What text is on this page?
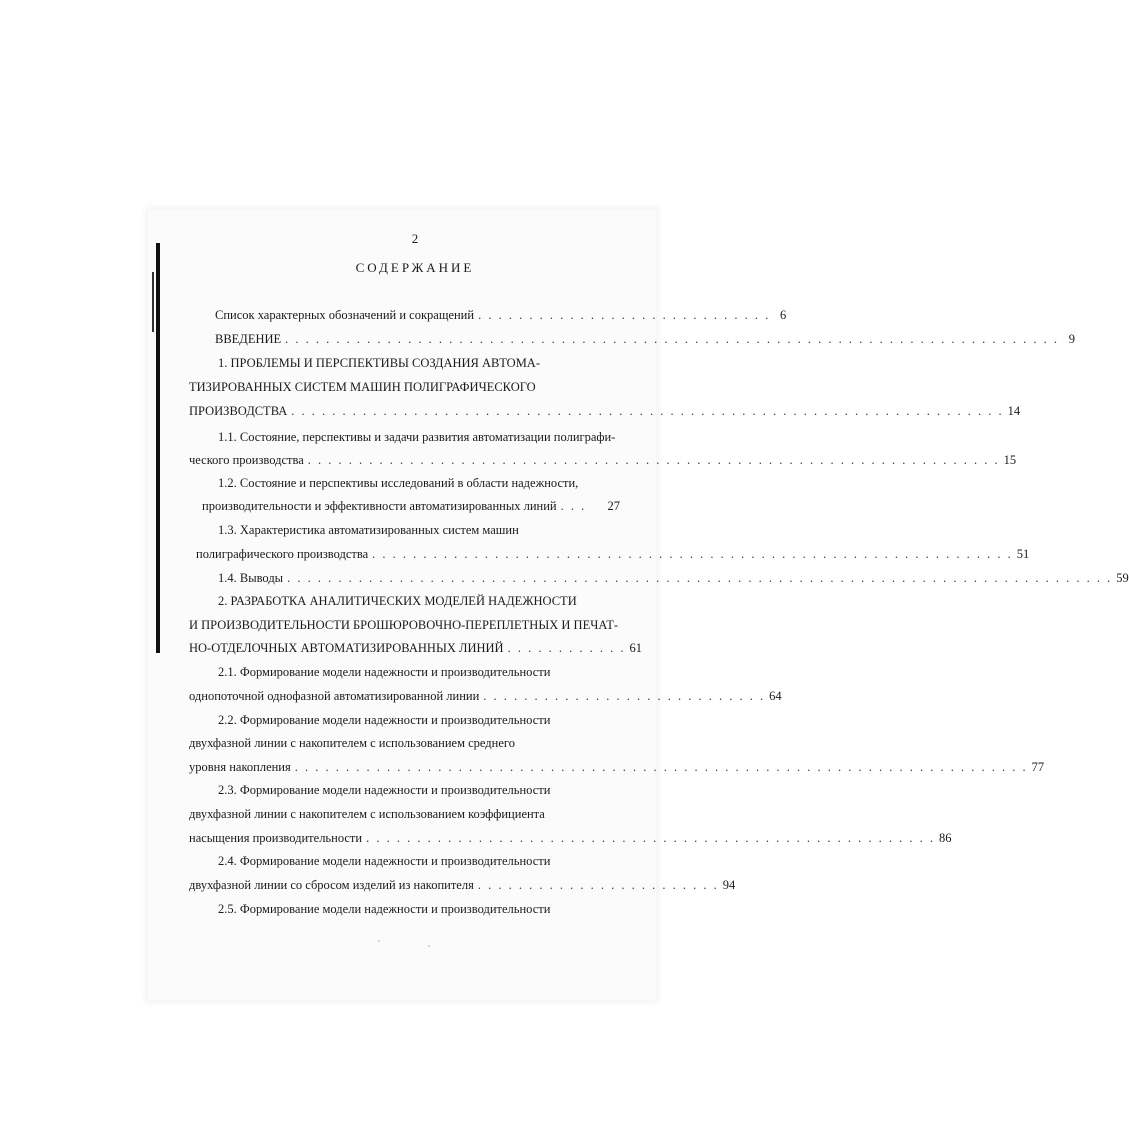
2
СОДЕРЖАНИЕ
Список характерных обозначений и сокращений . . . . . . . . . . . . . . . . . . . . . . . . . . . . . 6
ВВЕДЕНИЕ . . . . . . . . . . . . . . . . . . . . . . . . . . . . . . . . . . . . . . . . . . . . . . . . . . . . . . . . . . . . . . . . . . . . . . . . . . . . 9
1. ПРОБЛЕМЫ И ПЕРСПЕКТИВЫ СОЗДАНИЯ АВТОМА-
ТИЗИРОВАННЫХ СИСТЕМ МАШИН ПОЛИГРАФИЧЕСКОГО
ПРОИЗВОДСТВА . . . . . . . . . . . . . . . . . . . . . . . . . . . . . . . . . . . . . . . . . . . . . . . . . . . . . . . . . . . . . . . . . . . . . . 14
1.1. Состояние, перспективы и задачи развития автоматизации полиграфи-
ческого производства . . . . . . . . . . . . . . . . . . . . . . . . . . . . . . . . . . . . . . . . . . . . . . . . . . . . . . . . . . . . . . . . . . . . 15
1.2. Состояние и перспективы исследований в области надежности,
производительности и эффективности автоматизированных линий . . .	27
1.3. Характеристика автоматизированных систем машин
полиграфического производства . . . . . . . . . . . . . . . . . . . . . . . . . . . . . . . . . . . . . . . . . . . . . . . . . . . . . . . . . . . . . . . 51
1.4. Выводы . . . . . . . . . . . . . . . . . . . . . . . . . . . . . . . . . . . . . . . . . . . . . . . . . . . . . . . . . . . . . . . . . . . . . . . . . . . . . . . . . 59
2. РАЗРАБОТКА АНАЛИТИЧЕСКИХ МОДЕЛЕЙ НАДЕЖНОСТИ
И ПРОИЗВОДИТЕЛЬНОСТИ БРОШЮРОВОЧНО-ПЕРЕПЛЕТНЫХ И ПЕЧАТ-
НО-ОТДЕЛОЧНЫХ АВТОМАТИЗИРОВАННЫХ ЛИНИЙ . . . . . . . . . . . . 61
2.1. Формирование модели надежности и производительности
однопоточной однофазной автоматизированной линии . . . . . . . . . . . . . . . . . . . . . . . . . . . . 64
2.2. Формирование модели надежности и производительности
двухфазной линии с накопителем с использованием среднего
уровня накопления . . . . . . . . . . . . . . . . . . . . . . . . . . . . . . . . . . . . . . . . . . . . . . . . . . . . . . . . . . . . . . . . . . . . . . . . 77
2.3. Формирование модели надежности и производительности
двухфазной линии с накопителем с использованием коэффициента
насыщения производительности . . . . . . . . . . . . . . . . . . . . . . . . . . . . . . . . . . . . . . . . . . . . . . . . . . . . . . . . 86
2.4. Формирование модели надежности и производительности
двухфазной линии со сбросом изделий из накопителя . . . . . . . . . . . . . . . . . . . . . . . . 94
2.5. Формирование модели надежности и производительности
